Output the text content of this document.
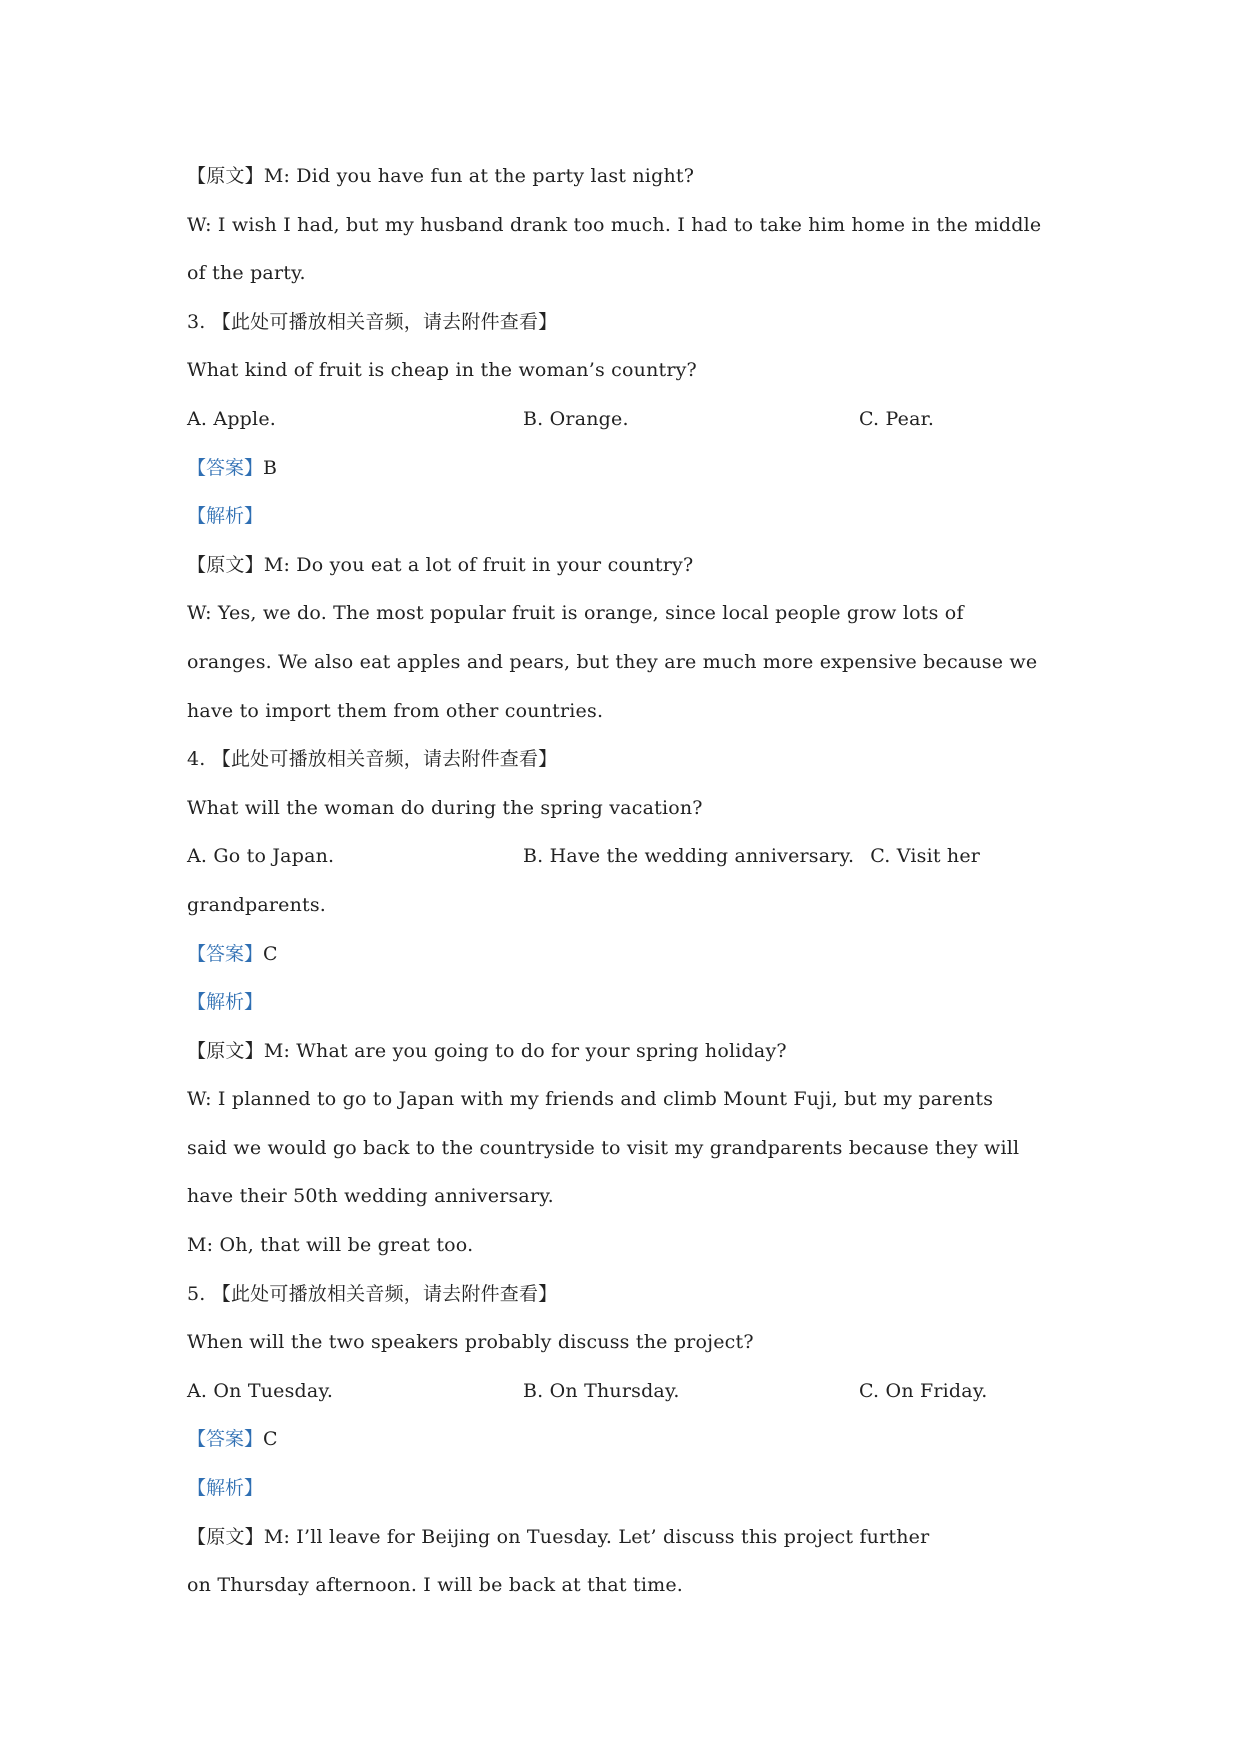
【原文】M: Did you have fun at the party last night?
W: I wish I had, but my husband drank too much. I had to take him home in the middle
of the party.
3. 【此处可播放相关音频，请去附件查看】
What kind of fruit is cheap in the woman’s country?
A. Apple.	B. Orange.	C. Pear.
【答案】B
【解析】
【原文】M: Do you eat a lot of fruit in your country?
W: Yes, we do. The most popular fruit is orange, since local people grow lots of
oranges. We also eat apples and pears, but they are much more expensive because we
have to import them from other countries.
4. 【此处可播放相关音频，请去附件查看】
What will the woman do during the spring vacation?
A. Go to Japan.	B. Have the wedding anniversary. C. Visit her
grandparents.
【答案】C
【解析】
【原文】M: What are you going to do for your spring holiday?
W: I planned to go to Japan with my friends and climb Mount Fuji, but my parents
said we would go back to the countryside to visit my grandparents because they will
have their 50th wedding anniversary.
M: Oh, that will be great too.
5. 【此处可播放相关音频，请去附件查看】
When will the two speakers probably discuss the project?
A. On Tuesday.	B. On Thursday.	C. On Friday.
【答案】C
【解析】
【原文】M: I’ll leave for Beijing on Tuesday. Let’ discuss this project further
on Thursday afternoon. I will be back at that time.
